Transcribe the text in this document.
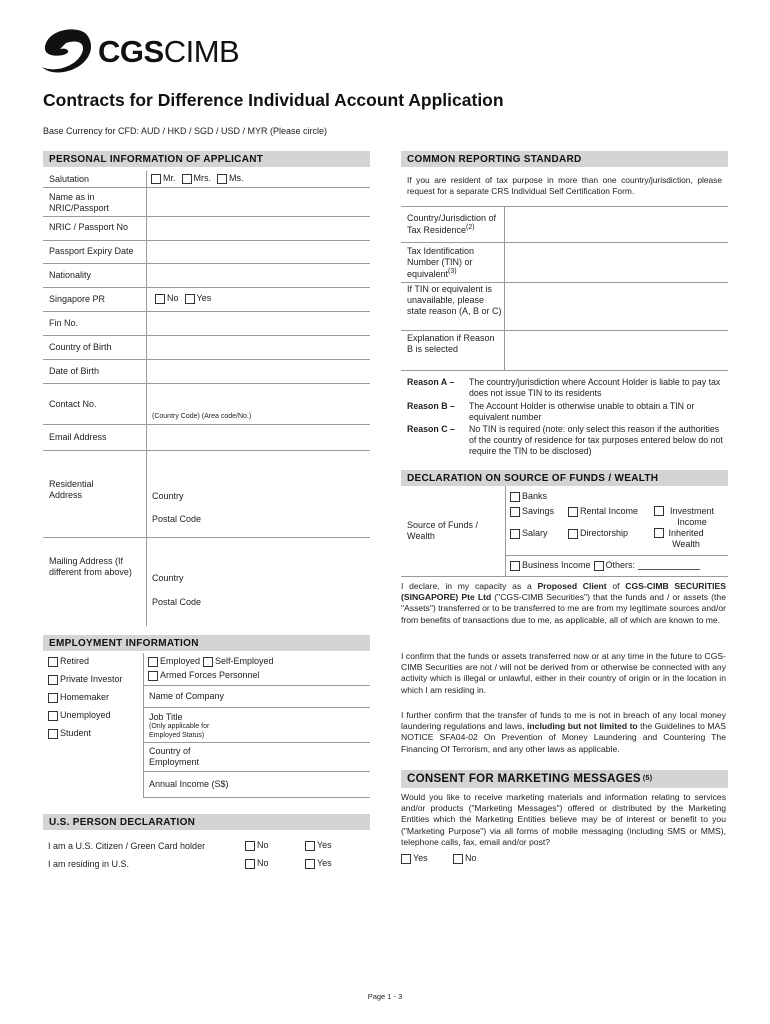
CGSCIMB
Contracts for Difference Individual Account Application
Base Currency for CFD: AUD / HKD / SGD / USD / MYR (Please circle)
PERSONAL INFORMATION OF APPLICANT
Salutation	Mr. Mrs. Ms.
Name as in NRIC/Passport
NRIC / Passport No
Passport Expiry Date
Nationality
Singapore PR	No Yes
Fin No.
Country of Birth
Date of Birth
Contact No.
(Country Code) (Area code/No.)
Email Address
Residential Address	Country
Postal Code
Mailing Address (If different from above)
Country
Postal Code
EMPLOYMENT INFORMATION
Retired
Private Investor
Homemaker
Unemployed
Student
Employed Self-Employed
Armed Forces Personnel
Name of Company
Job Title
(Only applicable for Employed Status)
Country of Employment
Annual Income (S$)
U.S. PERSON DECLARATION
I am a U.S. Citizen / Green Card holder	No	Yes
I am residing in U.S.	No	Yes
COMMON REPORTING STANDARD
If you are resident of tax purpose in more than one country/jurisdiction, please request for a separate CRS Individual Self Certification Form.
Country/Jurisdiction of Tax Residence$^{(2)}$
Tax Identification Number (TIN) or equivalent$^{(3)}$
If TIN or equivalent is unavailable, please state reason (A, B or C)
Explanation if Reason B is selected
Reason A –	The country/jurisdiction where Account Holder is liable to pay tax does not issue TIN to its residents
Reason B –	The Account Holder is otherwise unable to obtain a TIN or equivalent number
Reason C –	No TIN is required (note: only select this reason if the authorities of the country of residence for tax purposes entered below do not require the TIN to be disclosed)
DECLARATION ON SOURCE OF FUNDS / WEALTH
Source of Funds / Wealth
Banks
Savings	Rental Income	Investment Income
Salary	Directorship	Inherited Wealth
Business Income Others:
I declare, in my capacity as a Proposed Client of CGS-CIMB SECURITIES (SINGAPORE) Pte Ltd ("CGS-CIMB Securities") that the funds and / or assets (the "Assets") transferred or to be transferred to me are from my legitimate sources and/or from benefits of transactions due to me, as applicable, all of which are known to me.
I confirm that the funds or assets transferred now or at any time in the future to CGS-CIMB Securities are not / will not be derived from or otherwise be connected with any activity which is illegal or unlawful, either in their country of origin or in the location in which I am residing in.
I further confirm that the transfer of funds to me is not in breach of any local money laundering regulations and laws, including but not limited to the Guidelines to MAS NOTICE SFA04-02 On Prevention of Money Laundering and Countering The Financing Of Terrorism, and any other laws as applicable.
CONSENT FOR MARKETING MESSAGES (5)
Would you like to receive marketing materials and information relating to services and/or products ("Marketing Messages") offered or distributed by the Marketing Entities which the Marketing Entities believe may be of interest or benefit to you ("Marketing Purpose") via all forms of mobile messaging (including SMS or MMS), telephone calls, fax, email and/or post?
Yes	No
Page 1 - 3
